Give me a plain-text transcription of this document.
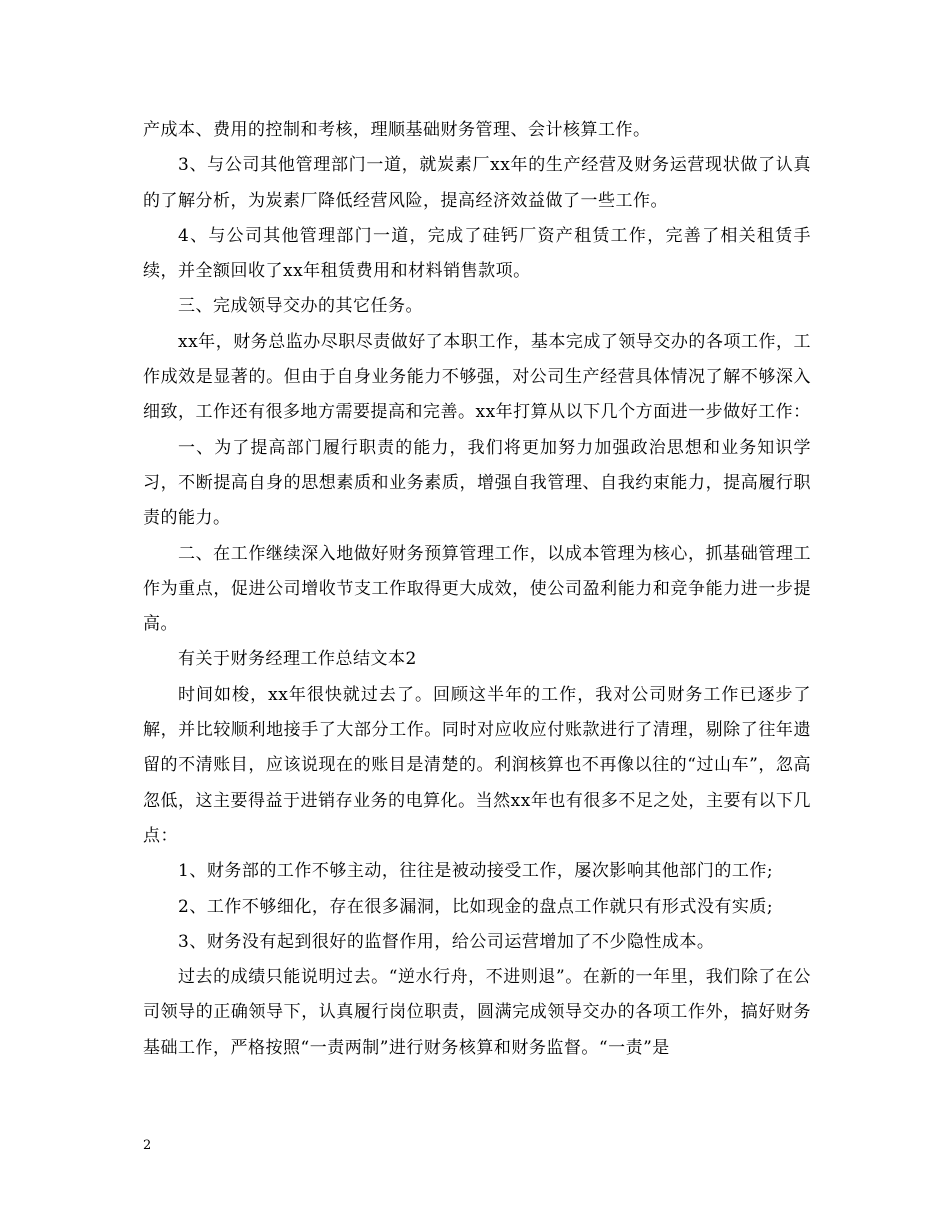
产成本、费用的控制和考核，理顺基础财务管理、会计核算工作。

3、与公司其他管理部门一道，就炭素厂xx年的生产经营及财务运营现状做了认真的了解分析，为炭素厂降低经营风险，提高经济效益做了一些工作。

4、与公司其他管理部门一道，完成了硅钙厂资产租赁工作，完善了相关租赁手续，并全额回收了xx年租赁费用和材料销售款项。

三、完成领导交办的其它任务。

xx年，财务总监办尽职尽责做好了本职工作，基本完成了领导交办的各项工作，工作成效是显著的。但由于自身业务能力不够强，对公司生产经营具体情况了解不够深入细致，工作还有很多地方需要提高和完善。xx年打算从以下几个方面进一步做好工作：

一、为了提高部门履行职责的能力，我们将更加努力加强政治思想和业务知识学习，不断提高自身的思想素质和业务素质，增强自我管理、自我约束能力，提高履行职责的能力。

二、在工作继续深入地做好财务预算管理工作，以成本管理为核心，抓基础管理工作为重点，促进公司增收节支工作取得更大成效，使公司盈利能力和竞争能力进一步提高。

有关于财务经理工作总结文本2

时间如梭，xx年很快就过去了。回顾这半年的工作，我对公司财务工作已逐步了解，并比较顺利地接手了大部分工作。同时对应收应付账款进行了清理，剔除了往年遗留的不清账目，应该说现在的账目是清楚的。利润核算也不再像以往的“过山车”，忽高忽低，这主要得益于进销存业务的电算化。当然xx年也有很多不足之处，主要有以下几点：

1、财务部的工作不够主动，往往是被动接受工作，屡次影响其他部门的工作;

2、工作不够细化，存在很多漏洞，比如现金的盘点工作就只有形式没有实质;

3、财务没有起到很好的监督作用，给公司运营增加了不少隐性成本。

过去的成绩只能说明过去。“逆水行舟，不进则退”。在新的一年里，我们除了在公司领导的正确领导下，认真履行岗位职责，圆满完成领导交办的各项工作外，搞好财务基础工作，严格按照“一责两制”进行财务核算和财务监督。“一责”是

2
